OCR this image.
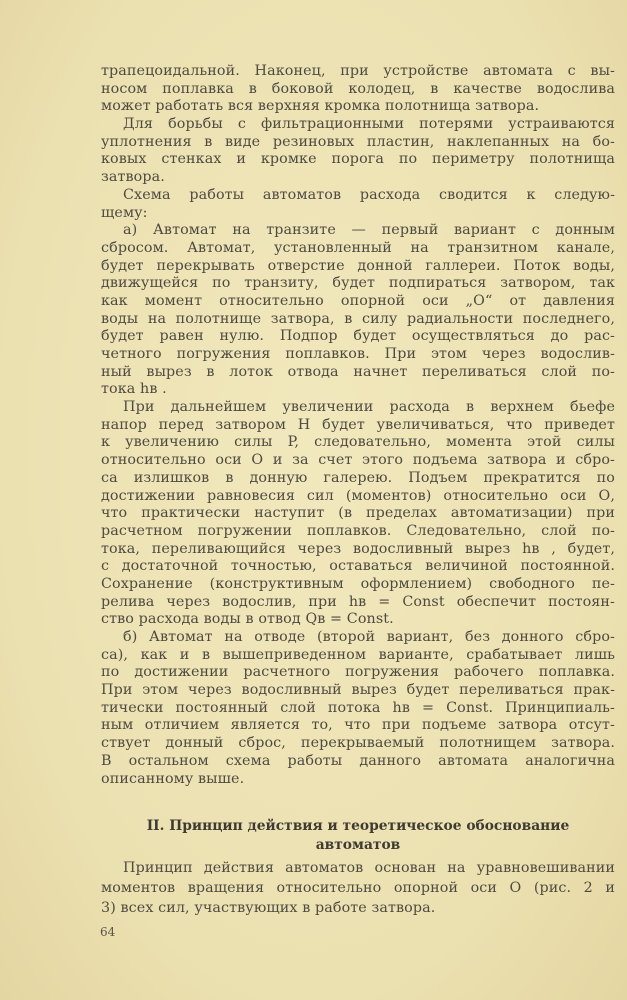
трапецоидальной. Наконец, при устройстве автомата с вы-
носом поплавка в боковой колодец, в качестве водослива
может работать вся верхняя кромка полотнища затвора.
Для борьбы с фильтрационными потерями устраиваются
уплотнения в виде резиновых пластин, наклепанных на бо-
ковых стенках и кромке порога по периметру полотнища
затвора.
Схема работы автоматов расхода сводится к следую-
щему:
а) Автомат на транзите — первый вариант с донным
сбросом. Автомат, установленный на транзитном канале,
будет перекрывать отверстие донной галлереи. Поток воды,
движущейся по транзиту, будет подпираться затвором, так
как момент относительно опорной оси „О“ от давления
воды на полотнище затвора, в силу радиальности последнего,
будет равен нулю. Подпор будет осуществляться до рас-
четного погружения поплавков. При этом через водослив-
ный вырез в лоток отвода начнет переливаться слой по-
тока hв .
При дальнейшем увеличении расхода в верхнем бьефе
напор перед затвором H будет увеличиваться, что приведет
к увеличению силы P, следовательно, момента этой силы
относительно оси О и за счет этого подъема затвора и сбро-
са излишков в донную галерею. Подъем прекратится по
достижении равновесия сил (моментов) относительно оси О,
что практически наступит (в пределах автоматизации) при
расчетном погружении поплавков. Следовательно, слой по-
тока, переливающийся через водосливный вырез hв , будет,
с достаточной точностью, оставаться величиной постоянной.
Сохранение (конструктивным оформлением) свободного пе-
релива через водослив, при hв = Const обеспечит постоян-
ство расхода воды в отвод Qв = Const.
б) Автомат на отводе (второй вариант, без донного сбро-
са), как и в вышеприведенном варианте, срабатывает лишь
по достижении расчетного погружения рабочего поплавка.
При этом через водосливный вырез будет переливаться прак-
тически постоянный слой потока hв = Const. Принципиаль-
ным отличием является то, что при подъеме затвора отсут-
ствует донный сброс, перекрываемый полотнищем затвора.
В остальном схема работы данного автомата аналогична
описанному выше.
II. Принцип действия и теоретическое обоснование
автоматов
Принцип действия автоматов основан на уравновешивании
моментов вращения относительно опорной оси О (рис. 2 и
3) всех сил, участвующих в работе затвора.
64
